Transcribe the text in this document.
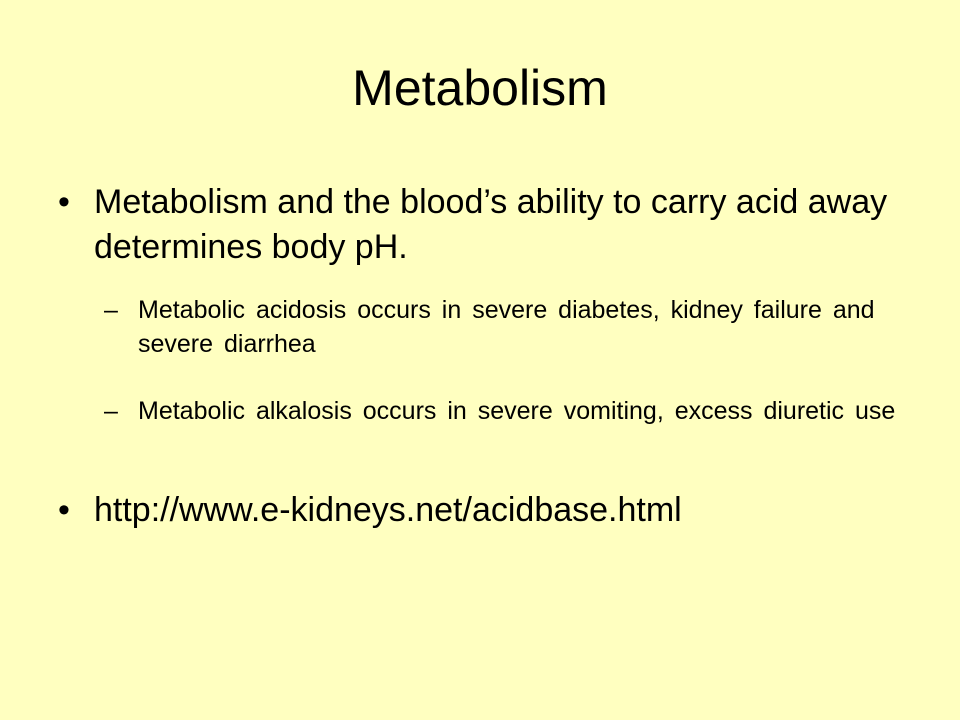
Metabolism
• Metabolism and the blood’s ability to carry acid away determines body pH.
– Metabolic acidosis occurs in severe diabetes, kidney failure and severe diarrhea
– Metabolic alkalosis occurs in severe vomiting, excess diuretic use
• http://www.e-kidneys.net/acidbase.html
